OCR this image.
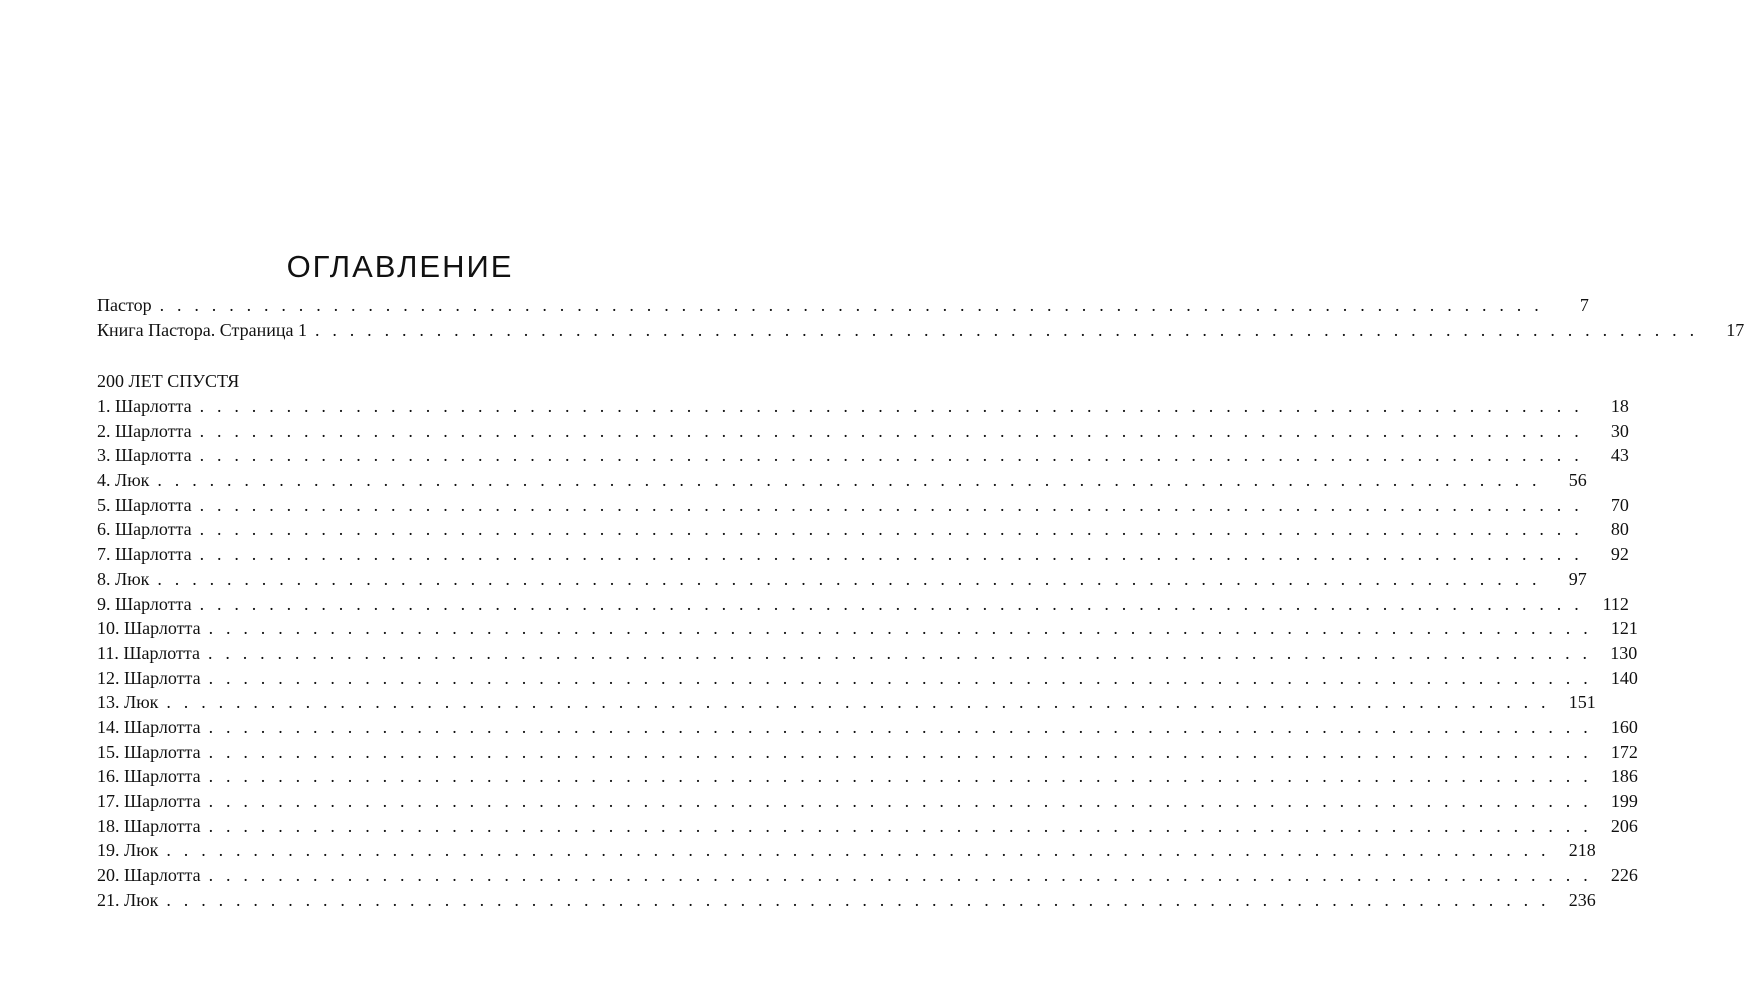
ОГЛАВЛЕНИЕ
Пастор . . . . . . . . . . . . . . . . . . . . . . . . . . . . . . . . . . . . . . . . . . . . . . . . . . . . . . . . . . . . . . . . . . . . . . . . . . . . . . . .	7
Книга Пастора. Страница 1 . . . . . . . . . . . . . . . . . . . . . . . . . . . . . . . . . . . . . . . . . . . . . . . . . . . . . . . . . . . . . . . . . . . . . . . . . . . . . . . .	17
200 ЛЕТ СПУСТЯ
1. Шарлотта . . . . . . . . . . . . . . . . . . . . . . . . . . . . . . . . . . . . . . . . . . . . . . . . . . . . . . . . . . . . . . . . . . . . . . . . . . . . . . . .	18
2. Шарлотта . . . . . . . . . . . . . . . . . . . . . . . . . . . . . . . . . . . . . . . . . . . . . . . . . . . . . . . . . . . . . . . . . . . . . . . . . . . . . . . .	30
3. Шарлотта . . . . . . . . . . . . . . . . . . . . . . . . . . . . . . . . . . . . . . . . . . . . . . . . . . . . . . . . . . . . . . . . . . . . . . . . . . . . . . . .	43
4. Люк . . . . . . . . . . . . . . . . . . . . . . . . . . . . . . . . . . . . . . . . . . . . . . . . . . . . . . . . . . . . . . . . . . . . . . . . . . . . . . . .	56
5. Шарлотта . . . . . . . . . . . . . . . . . . . . . . . . . . . . . . . . . . . . . . . . . . . . . . . . . . . . . . . . . . . . . . . . . . . . . . . . . . . . . . . .	70
6. Шарлотта . . . . . . . . . . . . . . . . . . . . . . . . . . . . . . . . . . . . . . . . . . . . . . . . . . . . . . . . . . . . . . . . . . . . . . . . . . . . . . . .	80
7. Шарлотта . . . . . . . . . . . . . . . . . . . . . . . . . . . . . . . . . . . . . . . . . . . . . . . . . . . . . . . . . . . . . . . . . . . . . . . . . . . . . . . .	92
8. Люк . . . . . . . . . . . . . . . . . . . . . . . . . . . . . . . . . . . . . . . . . . . . . . . . . . . . . . . . . . . . . . . . . . . . . . . . . . . . . . . .	97
9. Шарлотта . . . . . . . . . . . . . . . . . . . . . . . . . . . . . . . . . . . . . . . . . . . . . . . . . . . . . . . . . . . . . . . . . . . . . . . . . . . . . . . .	112
10. Шарлотта . . . . . . . . . . . . . . . . . . . . . . . . . . . . . . . . . . . . . . . . . . . . . . . . . . . . . . . . . . . . . . . . . . . . . . . . . . . . . . . .	121
11. Шарлотта . . . . . . . . . . . . . . . . . . . . . . . . . . . . . . . . . . . . . . . . . . . . . . . . . . . . . . . . . . . . . . . . . . . . . . . . . . . . . . . .	130
12. Шарлотта . . . . . . . . . . . . . . . . . . . . . . . . . . . . . . . . . . . . . . . . . . . . . . . . . . . . . . . . . . . . . . . . . . . . . . . . . . . . . . . .	140
13. Люк . . . . . . . . . . . . . . . . . . . . . . . . . . . . . . . . . . . . . . . . . . . . . . . . . . . . . . . . . . . . . . . . . . . . . . . . . . . . . . . .	151
14. Шарлотта . . . . . . . . . . . . . . . . . . . . . . . . . . . . . . . . . . . . . . . . . . . . . . . . . . . . . . . . . . . . . . . . . . . . . . . . . . . . . . . .	160
15. Шарлотта . . . . . . . . . . . . . . . . . . . . . . . . . . . . . . . . . . . . . . . . . . . . . . . . . . . . . . . . . . . . . . . . . . . . . . . . . . . . . . . .	172
16. Шарлотта . . . . . . . . . . . . . . . . . . . . . . . . . . . . . . . . . . . . . . . . . . . . . . . . . . . . . . . . . . . . . . . . . . . . . . . . . . . . . . . .	186
17. Шарлотта . . . . . . . . . . . . . . . . . . . . . . . . . . . . . . . . . . . . . . . . . . . . . . . . . . . . . . . . . . . . . . . . . . . . . . . . . . . . . . . .	199
18. Шарлотта . . . . . . . . . . . . . . . . . . . . . . . . . . . . . . . . . . . . . . . . . . . . . . . . . . . . . . . . . . . . . . . . . . . . . . . . . . . . . . . .	206
19. Люк . . . . . . . . . . . . . . . . . . . . . . . . . . . . . . . . . . . . . . . . . . . . . . . . . . . . . . . . . . . . . . . . . . . . . . . . . . . . . . . .	218
20. Шарлотта . . . . . . . . . . . . . . . . . . . . . . . . . . . . . . . . . . . . . . . . . . . . . . . . . . . . . . . . . . . . . . . . . . . . . . . . . . . . . . . .	226
21. Люк . . . . . . . . . . . . . . . . . . . . . . . . . . . . . . . . . . . . . . . . . . . . . . . . . . . . . . . . . . . . . . . . . . . . . . . . . . . . . . . .	236
